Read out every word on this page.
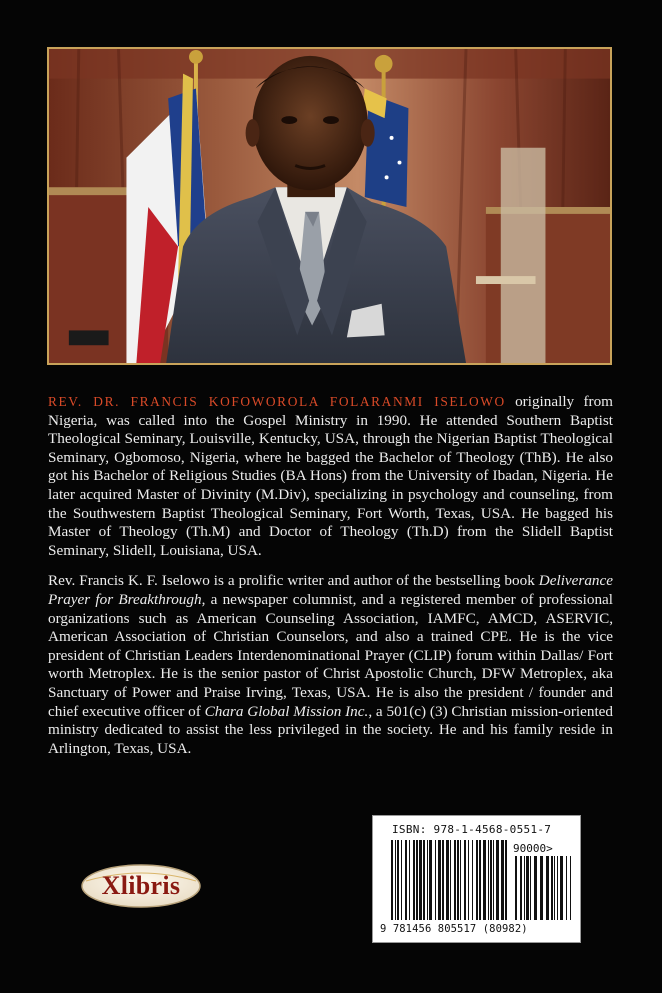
REV. DR. FRANCIS KOFOWOROLA FOLARANMI ISELOWO originally from Nigeria, was called into the Gospel Ministry in 1990. He attended Southern Baptist Theological Seminary, Louisville, Kentucky, USA, through the Nigerian Baptist Theological Seminary, Ogbomoso, Nigeria, where he bagged the Bachelor of Theology (ThB). He also got his Bachelor of Religious Studies (BA Hons) from the University of Ibadan, Nigeria. He later acquired Master of Divinity (M.Div), specializing in psychology and counseling, from the Southwestern Baptist Theological Seminary, Fort Worth, Texas, USA. He bagged his Master of Theology (Th.M) and Doctor of Theology (Th.D) from the Slidell Baptist Seminary, Slidell, Louisiana, USA.

Rev. Francis K. F. Iselowo is a prolific writer and author of the bestselling book Deliverance Prayer for Breakthrough, a newspaper columnist, and a registered member of professional organizations such as American Counseling Association, IAMFC, AMCD, ASERVIC, American Association of Christian Counselors, and also a trained CPE. He is the vice president of Christian Leaders Interdenominational Prayer (CLIP) forum within Dallas/ Fort worth Metroplex. He is the senior pastor of Christ Apostolic Church, DFW Metroplex, aka Sanctuary of Power and Praise Irving, Texas, USA. He is also the president / founder and chief executive officer of Chara Global Mission Inc., a 501(c) (3) Christian mission-oriented ministry dedicated to assist the less privileged in the society. He and his family reside in Arlington, Texas, USA.

ISBN: 978-1-4568-0551-7
90000>
9 781456 805517 (80982)
Xlibris
